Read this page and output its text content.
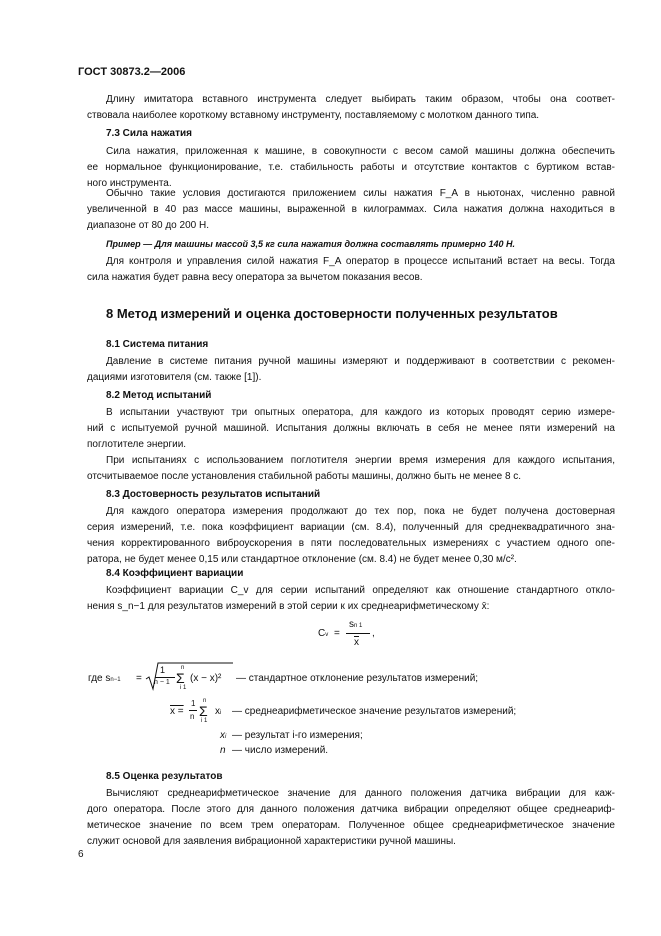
ГОСТ 30873.2—2006
Длину имитатора вставного инструмента следует выбирать таким образом, чтобы она соответ-
ствовала наиболее короткому вставному инструменту, поставляемому с молотком данного типа.
7.3 Сила нажатия
Сила нажатия, приложенная к машине, в совокупности с весом самой машины должна обеспечить
ее нормальное функционирование, т.е. стабильность работы и отсутствие контактов с буртиком встав-
ного инструмента.
Обычно такие условия достигаются приложением силы нажатия F_A в ньютонах, численно равной
увеличенной в 40 раз массе машины, выраженной в килограммах. Сила нажатия должна находиться в
диапазоне от 80 до 200 Н.
Пример — Для машины массой 3,5 кг сила нажатия должна составлять примерно 140 Н.
Для контроля и управления силой нажатия F_A оператор в процессе испытаний встает на весы. Тогда
сила нажатия будет равна весу оператора за вычетом показания весов.
8 Метод измерений и оценка достоверности полученных результатов
8.1 Система питания
Давление в системе питания ручной машины измеряют и поддерживают в соответствии с рекомен-
дациями изготовителя (см. также [1]).
8.2 Метод испытаний
В испытании участвуют три опытных оператора, для каждого из которых проводят серию измере-
ний с испытуемой ручной машиной. Испытания должны включать в себя не менее пяти измерений на
поглотителе энергии.
При испытаниях с использованием поглотителя энергии время измерения для каждого испытания,
отсчитываемое после установления стабильной работы машины, должно быть не менее 8 с.
8.3 Достоверность результатов испытаний
Для каждого оператора измерения продолжают до тех пор, пока не будет получена достоверная
серия измерений, т.е. пока коэффициент вариации (см. 8.4), полученный для среднеквадратичного зна-
чения корректированного виброускорения в пяти последовательных измерениях с участием одного опе-
ратора, не будет менее 0,15 или стандартное отклонение (см. 8.4) не будет менее 0,30 м/с².
8.4 Коэффициент вариации
Коэффициент вариации C_v для серии испытаний определяют как отношение стандартного откло-
нения s_n−1 для результатов измерений в этой серии к их среднеарифметическому x̄:
Cv =
sn 1
$\overline{x}$
,
где sn−1 =
1
n − 1
n
Σ
i 1
(x − x)² — стандартное отклонение результатов измерений;
x =
1
n
n
Σ
i 1
xi — среднеарифметическое значение результатов измерений;
xi — результат i-го измерения;
n — число измерений.
8.5 Оценка результатов
Вычисляют среднеарифметическое значение для данного положения датчика вибрации для каж-
дого оператора. После этого для данного положения датчика вибрации определяют общее среднеариф-
метическое значение по всем трем операторам. Полученное общее среднеарифметическое значение
служит основой для заявления вибрационной характеристики ручной машины.
6
